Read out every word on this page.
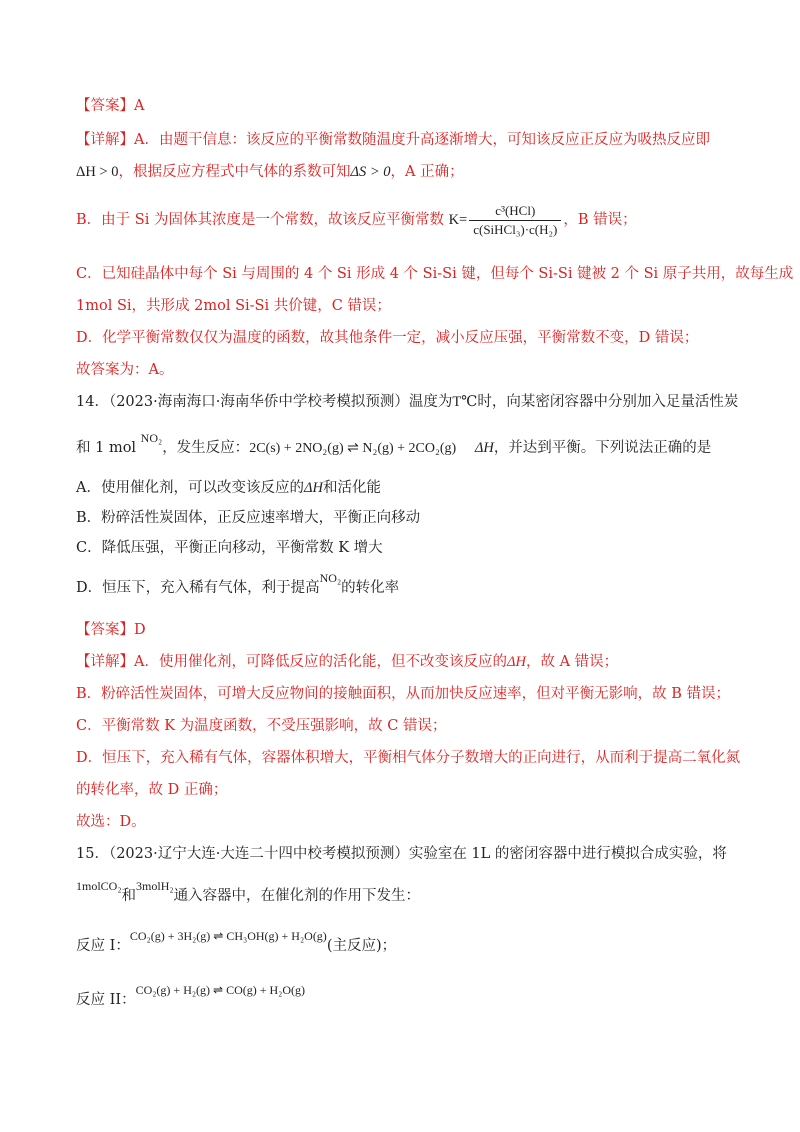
【答案】A
【详解】A．由题干信息：该反应的平衡常数随温度升高逐渐增大，可知该反应正反应为吸热反应即
ΔH > 0，根据反应方程式中气体的系数可知ΔS > 0，A 正确；
B．由于 Si 为固体其浓度是一个常数，故该反应平衡常数 $K= \frac{\text{c³(HCl)}}{\text{c(SiHCl₃)·c(H₂)}}$ ，B 错误；
C．已知硅晶体中每个 Si 与周围的 4 个 Si 形成 4 个 Si-Si 键，但每个 Si-Si 键被 2 个 Si 原子共用，故每生成
1mol Si，共形成 2mol Si-Si 共价键，C 错误；
D．化学平衡常数仅仅为温度的函数，故其他条件一定，减小反应压强，平衡常数不变，D 错误；
故答案为：A。
14．（2023·海南海口·海南华侨中学校考模拟预测）温度为T℃时，向某密闭容器中分别加入足量活性炭
和 1 mol $^{NO_2}$，发生反应：2C(s) + 2NO₂(g) ⇌ N₂(g) + 2CO₂(g) ΔH，并达到平衡。下列说法正确的是
A．使用催化剂，可以改变该反应的ΔH和活化能
B．粉碎活性炭固体，正反应速率增大，平衡正向移动
C．降低压强，平衡正向移动，平衡常数 K 增大
D．恒压下，充入稀有气体，利于提高$^{NO_2}$的转化率
【答案】D
【详解】A．使用催化剂，可降低反应的活化能，但不改变该反应的ΔH，故 A 错误；
B．粉碎活性炭固体，可增大反应物间的接触面积，从而加快反应速率，但对平衡无影响，故 B 错误；
C．平衡常数 K 为温度函数，不受压强影响，故 C 错误；
D．恒压下，充入稀有气体，容器体积增大，平衡相气体分子数增大的正向进行，从而利于提高二氧化氮
的转化率，故 D 正确；
故选：D。
15．（2023·辽宁大连·大连二十四中校考模拟预测）实验室在 1L 的密闭容器中进行模拟合成实验，将
$^{1molCO_2}$和$^{3molH_2}$通入容器中，在催化剂的作用下发生：
反应 I：$^{CO_2(g) + 3H_2(g) \rightleftharpoons CH_3OH(g) + H_2O(g)}$(主反应)；
反应 II：$^{CO_2(g) + H_2(g) \rightleftharpoons CO(g) + H_2O(g)}$
